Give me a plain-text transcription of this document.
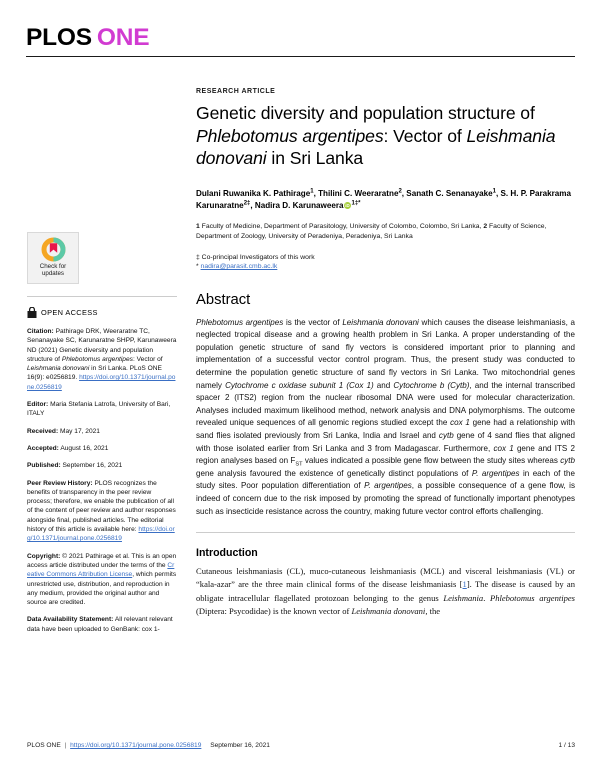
PLOS ONE
Check for
updates
OPEN ACCESS
Citation: Pathirage DRK, Weeraratne TC, Senanayake SC, Karunaratne SHPP, Karunaweera ND (2021) Genetic diversity and population structure of Phlebotomus argentipes: Vector of Leishmania donovani in Sri Lanka. PLoS ONE 16(9): e0256819. https://doi.org/10.1371/journal.pone.0256819
Editor: Maria Stefania Latrofa, University of Bari, ITALY
Received: May 17, 2021
Accepted: August 16, 2021
Published: September 16, 2021
Peer Review History: PLOS recognizes the benefits of transparency in the peer review process; therefore, we enable the publication of all of the content of peer review and author responses alongside final, published articles. The editorial history of this article is available here: https://doi.org/10.1371/journal.pone.0256819
Copyright: © 2021 Pathirage et al. This is an open access article distributed under the terms of the Creative Commons Attribution License, which permits unrestricted use, distribution, and reproduction in any medium, provided the original author and source are credited.
Data Availability Statement: All relevant relevant data have been uploaded to GenBank: cox 1-
RESEARCH ARTICLE
Genetic diversity and population structure of Phlebotomus argentipes: Vector of Leishmania donovani in Sri Lanka
Dulani Ruwanika K. Pathirage$^1$, Thilini C. Weeraratne$^2$, Sanath C. Senanayake$^1$, S. H. P. Parakrama Karunaratne$^{2\ddagger}$, Nadira D. Karunaweera iD $^{1\ddagger*}$
1 Faculty of Medicine, Department of Parasitology, University of Colombo, Colombo, Sri Lanka, 2 Faculty of Science, Department of Zoology, University of Peradeniya, Peradeniya, Sri Lanka
‡ Co-principal Investigators of this work
* nadira@parasit.cmb.ac.lk
Abstract
Phlebotomus argentipes is the vector of Leishmania donovani which causes the disease leishmaniasis, a neglected tropical disease and a growing health problem in Sri Lanka. A proper understanding of the population genetic structure of sand fly vectors is considered important prior to planning and implementation of a successful vector control program. Thus, the present study was conducted to determine the population genetic structure of sand fly vectors in Sri Lanka. Two mitochondrial genes namely Cytochrome c oxidase subunit 1 (Cox 1) and Cytochrome b (Cytb), and the internal transcribed spacer 2 (ITS2) region from the nuclear ribosomal DNA were used for molecular characterization. Analyses included maximum likelihood method, network analysis and DNA polymorphisms. The outcome revealed unique sequences of all genomic regions studied except the cox 1 gene had a relationship with sand flies isolated previously from Sri Lanka, India and Israel and cytb gene of 4 sand flies that aligned with those isolated earlier from Sri Lanka and 3 from Madagascar. Furthermore, cox 1 gene and ITS 2 region analyses based on $F_{ST}$ values indicated a possible gene flow between the study sites whereas cytb gene analysis favoured the existence of genetically distinct populations of P. argentipes in each of the study sites. Poor population differentiation of P. argentipes, a possible consequence of a gene flow, is indeed of concern due to the risk imposed by promoting the spread of functionally important phenotypes such as insecticide resistance across the country, making future vector control efforts challenging.
Introduction
Cutaneous leishmaniasis (CL), muco-cutaneous leishmaniasis (MCL) and visceral leishmaniasis (VL) or “kala-azar” are the three main clinical forms of the disease leishmaniasis [1]. The disease is caused by an obligate intracellular flagellated protozoan belonging to the genus Leishmania. Phlebotomus argentipes (Diptera: Psycodidae) is the known vector of Leishmania donovani, the
PLOS ONE | https://doi.org/10.1371/journal.pone.0256819 September 16, 2021	1 / 13
